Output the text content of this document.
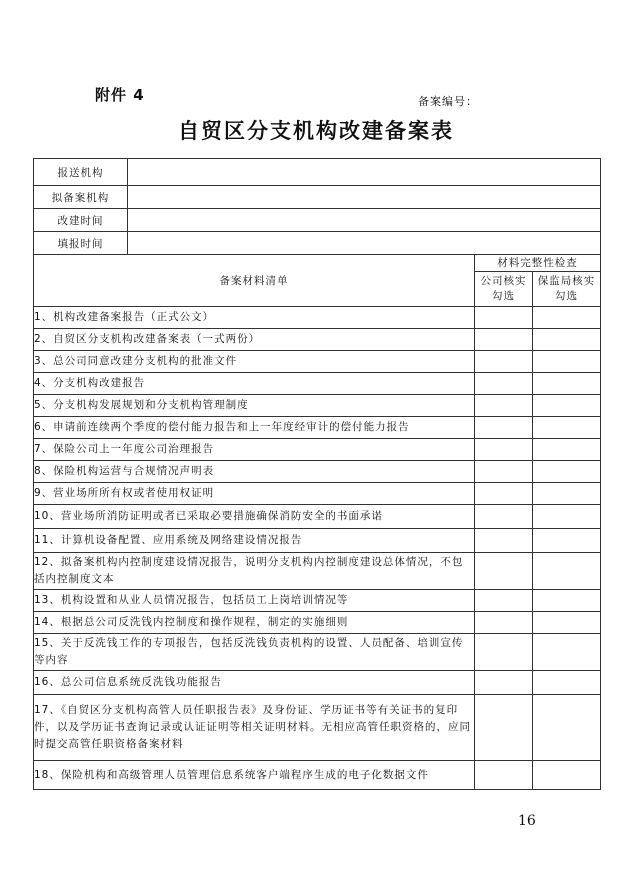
附件 4	备案编号：
自贸区分支机构改建备案表
报送机构			
拟备案机构			
改建时间			
填报时间			
备案材料清单		材料完整性检查	
		公司核实勾选	保监局核实勾选
1、机构改建备案报告（正式公文）			
2、自贸区分支机构改建备案表（一式两份）			
3、总公司同意改建分支机构的批准文件			
4、分支机构改建报告			
5、分支机构发展规划和分支机构管理制度			
6、申请前连续两个季度的偿付能力报告和上一年度经审计的偿付能力报告			
7、保险公司上一年度公司治理报告			
8、保险机构运营与合规情况声明表			
9、营业场所所有权或者使用权证明			
10、营业场所消防证明或者已采取必要措施确保消防安全的书面承诺			
11、计算机设备配置、应用系统及网络建设情况报告			
12、拟备案机构内控制度建设情况报告，说明分支机构内控制度建设总体情况，不包括内控制度文本			
13、机构设置和从业人员情况报告，包括员工上岗培训情况等			
14、根据总公司反洗钱内控制度和操作规程，制定的实施细则			
15、关于反洗钱工作的专项报告，包括反洗钱负责机构的设置、人员配备、培训宣传等内容			
16、总公司信息系统反洗钱功能报告			
17、《自贸区分支机构高管人员任职报告表》及身份证、学历证书等有关证书的复印件，以及学历证书查询记录或认证证明等相关证明材料。无相应高管任职资格的，应同时提交高管任职资格备案材料			
18、保险机构和高级管理人员管理信息系统客户端程序生成的电子化数据文件			
16
